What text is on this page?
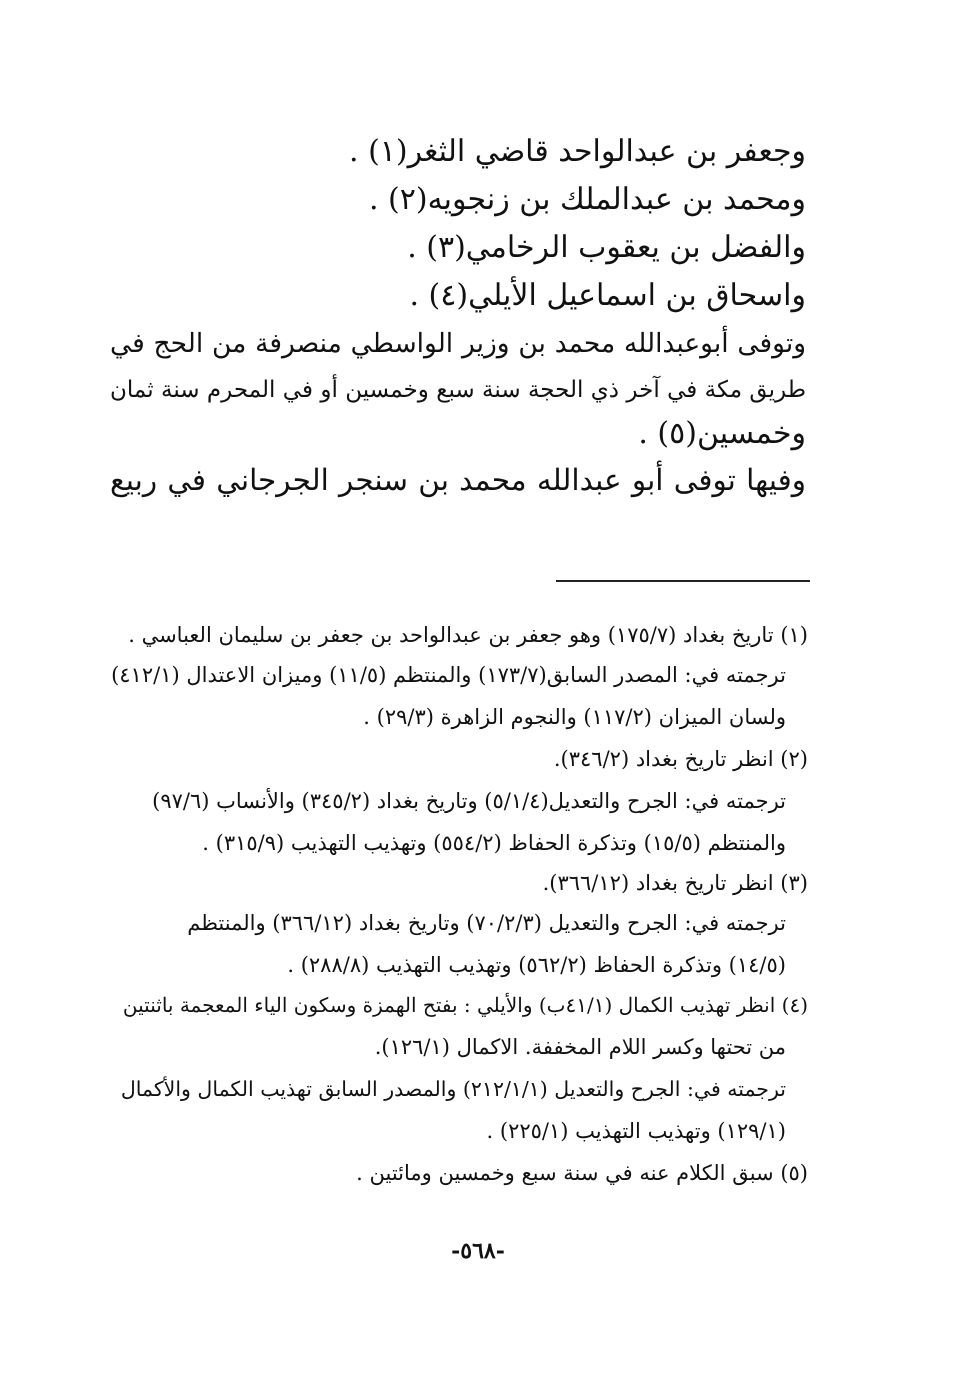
وجعفر بن عبدالواحد قاضي الثغر(١) .
ومحمد بن عبدالملك بن زنجويه(٢) .
والفضل بن يعقوب الرخامي(٣) .
واسحاق بن اسماعيل الأيلي(٤) .
وتوفى أبوعبدالله محمد بن وزير الواسطي منصرفة من الحج في
طريق مكة في آخر ذي الحجة سنة سبع وخمسين أو في المحرم سنة ثمان
وخمسين(٥) .
وفيها توفى أبو عبدالله محمد بن سنجر الجرجاني في ربيع
(١) تاريخ بغداد (١٧٥/٧) وهو جعفر بن عبدالواحد بن جعفر بن سليمان العباسي .
ترجمته في: المصدر السابق(١٧٣/٧) والمنتظم (١١/٥) وميزان الاعتدال (٤١٢/١)
ولسان الميزان (١١٧/٢) والنجوم الزاهرة (٢٩/٣) .
(٢) انظر تاريخ بغداد (٣٤٦/٢).
ترجمته في: الجرح والتعديل(٥/١/٤) وتاريخ بغداد (٣٤٥/٢) والأنساب (٩٧/٦)
والمنتظم (١٥/٥) وتذكرة الحفاظ (٥٥٤/٢) وتهذيب التهذيب (٣١٥/٩) .
(٣) انظر تاريخ بغداد (٣٦٦/١٢).
ترجمته في: الجرح والتعديل (٧٠/٢/٣) وتاريخ بغداد (٣٦٦/١٢) والمنتظم
(١٤/٥) وتذكرة الحفاظ (٥٦٢/٢) وتهذيب التهذيب (٢٨٨/٨) .
(٤) انظر تهذيب الكمال (٤١/١ب) والأيلي : بفتح الهمزة وسكون الياء المعجمة باثنتين
من تحتها وكسر اللام المخففة. الاكمال (١٢٦/١).
ترجمته في: الجرح والتعديل (٢١٢/١/١) والمصدر السابق تهذيب الكمال والأكمال
(١٢٩/١) وتهذيب التهذيب (٢٢٥/١) .
(٥) سبق الكلام عنه في سنة سبع وخمسين ومائتين .
-٥٦٨-
